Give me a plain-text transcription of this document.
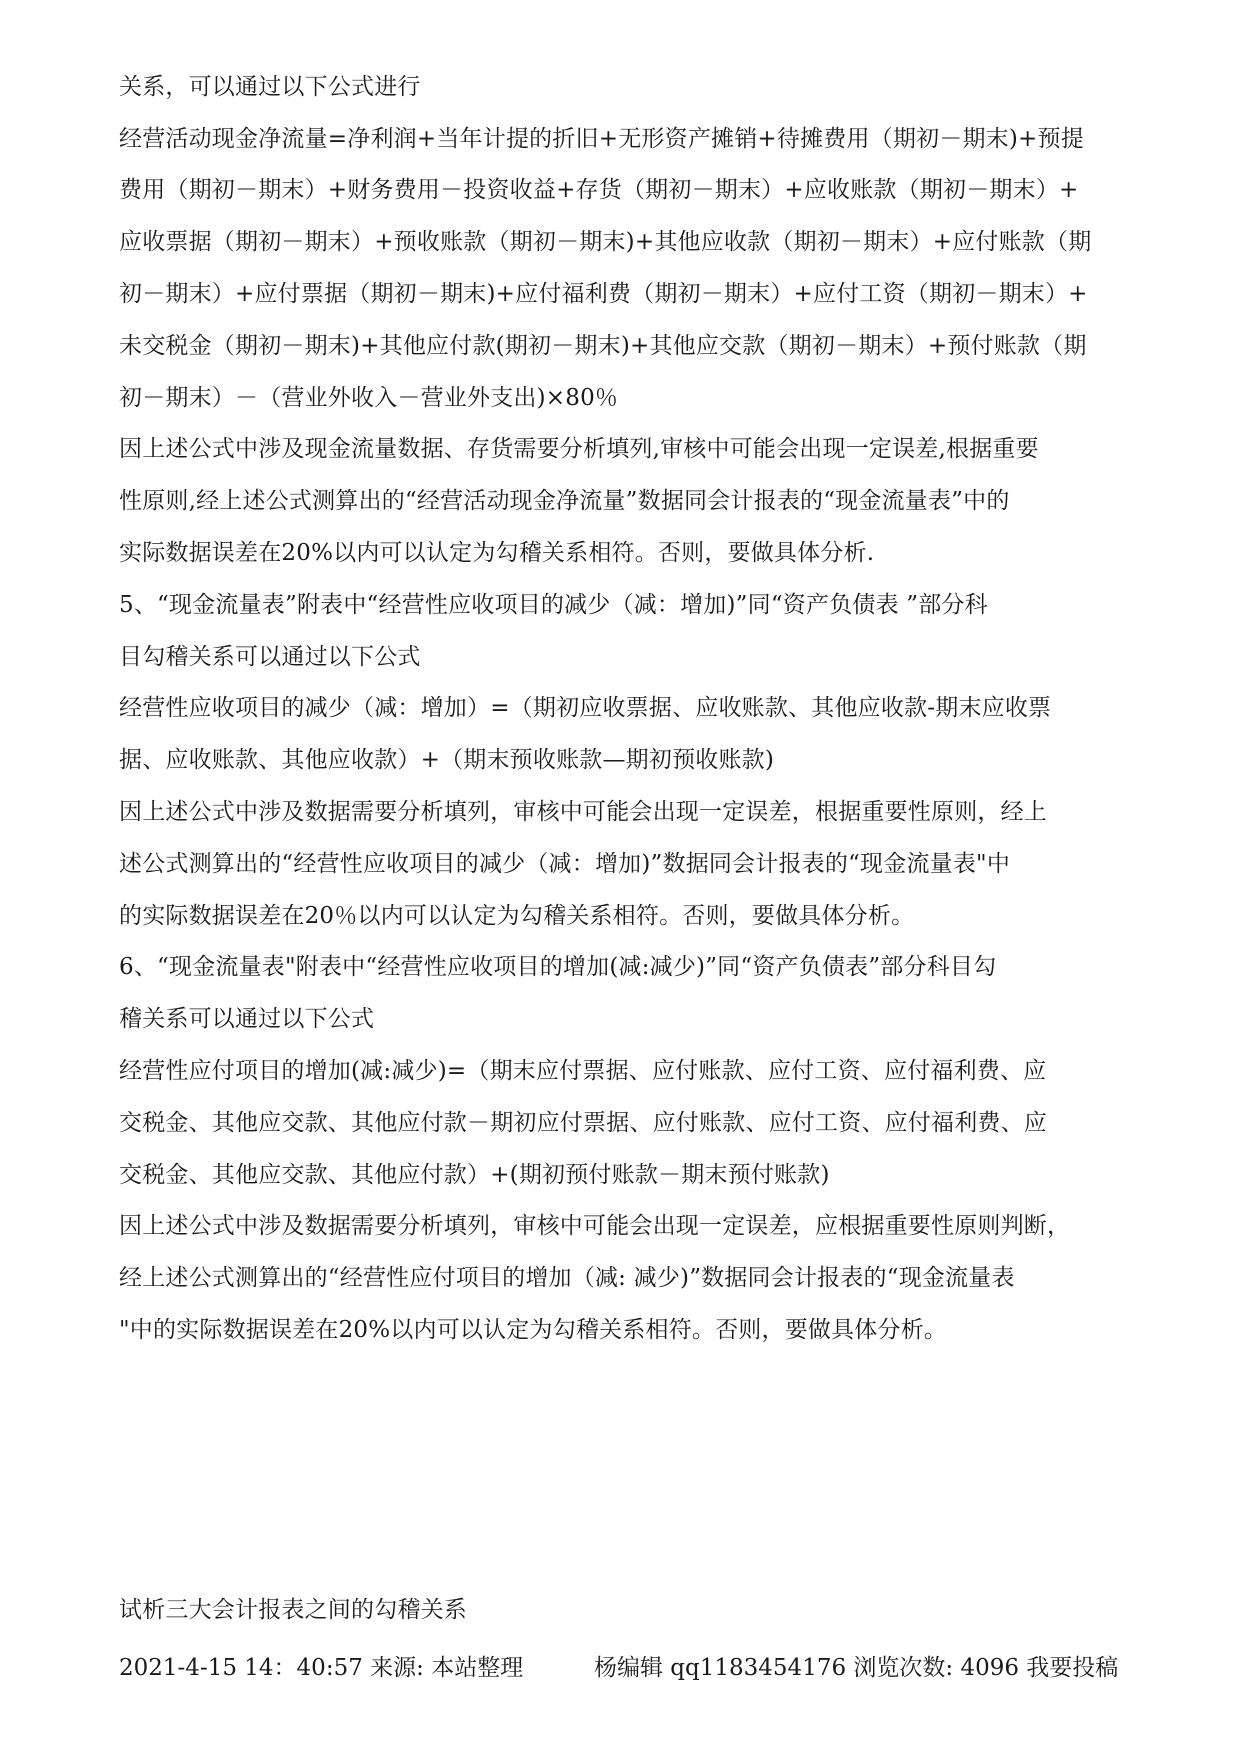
关系，可以通过以下公式进行
经营活动现金净流量=净利润+当年计提的折旧+无形资产摊销+待摊费用（期初－期末)+预提
费用（期初－期末）+财务费用－投资收益+存货（期初－期末）+应收账款（期初－期末）+
应收票据（期初－期末）+预收账款（期初－期末)+其他应收款（期初－期末）+应付账款（期
初－期末）+应付票据（期初－期末)+应付福利费（期初－期末）+应付工资（期初－期末）+
未交税金（期初－期末)+其他应付款(期初－期末)+其他应交款（期初－期末）+预付账款（期
初－期末）－（营业外收入－营业外支出)×80％
因上述公式中涉及现金流量数据、存货需要分析填列,审核中可能会出现一定误差,根据重要
性原则,经上述公式测算出的“经营活动现金净流量”数据同会计报表的“现金流量表”中的
实际数据误差在20%以内可以认定为勾稽关系相符。否则，要做具体分析.
5、“现金流量表”附表中“经营性应收项目的减少（减：增加)”同“资产负债表 ”部分科
目勾稽关系可以通过以下公式
经营性应收项目的减少（减：增加）=（期初应收票据、应收账款、其他应收款-期末应收票
据、应收账款、其他应收款）+（期末预收账款—期初预收账款)
因上述公式中涉及数据需要分析填列，审核中可能会出现一定误差，根据重要性原则，经上
述公式测算出的“经营性应收项目的减少（减：增加)”数据同会计报表的“现金流量表"中
的实际数据误差在20％以内可以认定为勾稽关系相符。否则，要做具体分析。
6、“现金流量表"附表中“经营性应收项目的增加(减:减少)”同“资产负债表”部分科目勾
稽关系可以通过以下公式
经营性应付项目的增加(减:减少)=（期末应付票据、应付账款、应付工资、应付福利费、应
交税金、其他应交款、其他应付款－期初应付票据、应付账款、应付工资、应付福利费、应
交税金、其他应交款、其他应付款）+(期初预付账款－期末预付账款)
因上述公式中涉及数据需要分析填列，审核中可能会出现一定误差，应根据重要性原则判断，
经上述公式测算出的“经营性应付项目的增加（减: 减少)”数据同会计报表的“现金流量表
"中的实际数据误差在20%以内可以认定为勾稽关系相符。否则，要做具体分析。
试析三大会计报表之间的勾稽关系
2021-4-15 14：40:57 来源: 本站整理	杨编辑 qq1183454176 浏览次数: 4096 我要投稿
